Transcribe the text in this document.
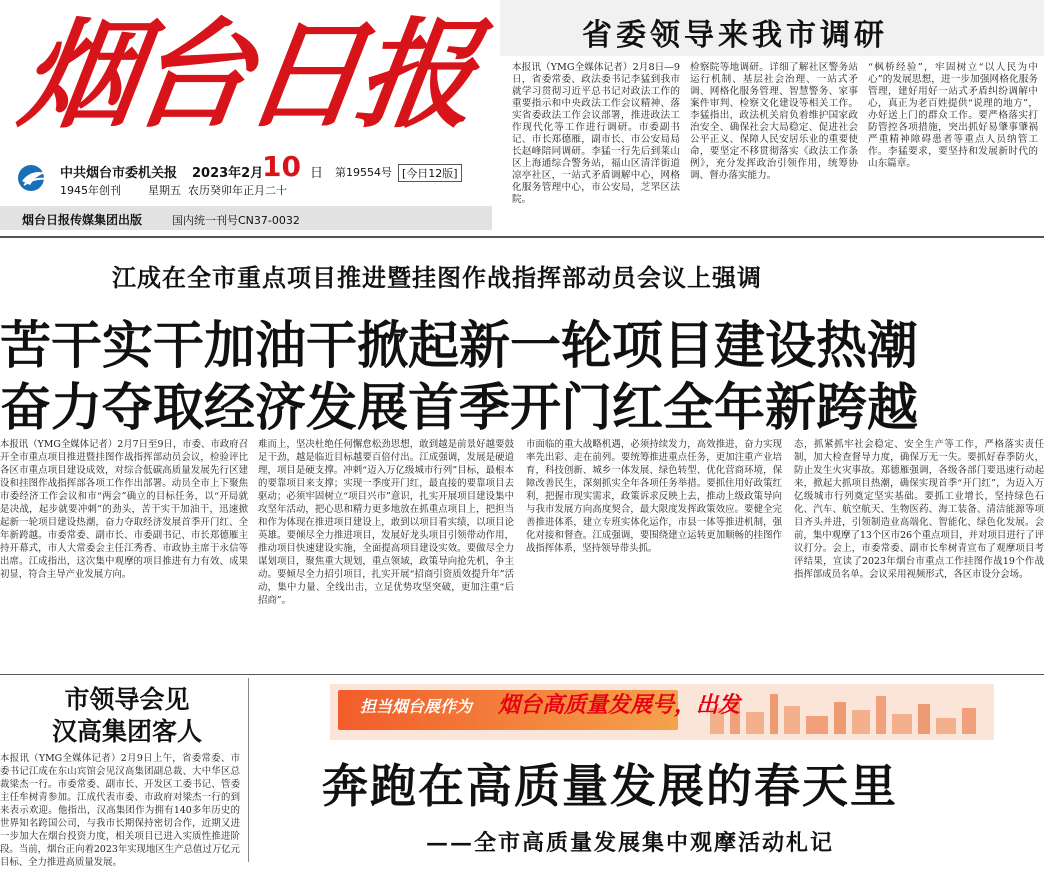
烟台日报
中共烟台市委机关报 2023年2月
10 日 第19554号 [今日12版]
1945年创刊 星期五 农历癸卯年正月二十
烟台日报传媒集团出版	国内统一刊号CN37-0032
省委领导来我市调研
本报讯（YMG全媒体记者）2月8日—9日，省委常委、政法委书记李猛到我市就学习贯彻习近平总书记对政法工作的重要指示和中央政法工作会议精神、落实省委政法工作会议部署，推进政法工作现代化等工作进行调研。市委副书记、市长郑德雁，副市长、市公安局局长赵峰陪同调研。李猛一行先后到莱山区上海通综合警务站，福山区清洋街道凉亭社区，一站式矛盾调解中心，网格化服务管理中心，市公安局，芝罘区法院。
检察院等地调研。详细了解社区警务站运行机制、基层社会治理、一站式矛调、网格化服务管理、智慧警务、家事案件审判、检察文化建设等相关工作。李猛指出，政法机关肩负着维护国家政治安全、确保社会大局稳定、促进社会公平正义、保障人民安居乐业的重要使命，要坚定不移贯彻落实《政法工作条例》，充分发挥政治引领作用，统筹协调、督办落实能力。
“枫桥经验”，牢固树立“以人民为中心”的发展思想，进一步加强网格化服务管理，建好用好一站式矛盾纠纷调解中心，真正为老百姓提供“说理的地方”，办好送上门的群众工作。要严格落实打防管控各项措施，突出抓好易肇事肇祸严重精神障碍患者等重点人员纳管工作。李猛要求，要坚持和发展新时代的山东篇章。
江成在全市重点项目推进暨挂图作战指挥部动员会议上强调
苦干实干加油干掀起新一轮项目建设热潮
奋力夺取经济发展首季开门红全年新跨越
本报讯（YMG全媒体记者）2月7日至9日，市委、市政府召开全市重点项目推进暨挂图作战指挥部动员会议，检验评比各区市重点项目建设成效，对综合低碳高质量发展先行区建设和挂图作战指挥部各项工作作出部署。动员全市上下聚焦市委经济工作会议和市“两会”确立的目标任务，以“开局就是决战，起步就要冲刺”的劲头，苦干实干加油干，迅速掀起新一轮项目建设热潮，奋力夺取经济发展首季开门红、全年新跨越。市委常委、副市长、市委副书记、市长郑德雁主持开幕式，市人大常委会主任江秀香、市政协主席于永信等出席。江成指出，这次集中观摩的项目推进有力有效、成果初显，符合主导产业发展方向。
难而上，坚决杜绝任何懈怠松劲思想，敢到越是前景好越要鼓足干劲，越是临近目标越要百倍付出。江成强调，发展是硬道理，项目是硬支撑。冲刺“迈入万亿级城市行列”目标，最根本的要靠项目来支撑；实现一季度开门红，最直接的要靠项目去驱动；必须牢固树立“项目兴市”意识，扎实开展项目建设集中攻坚年活动，把心思和精力更多地放在抓重点项目上，把担当和作为体现在推进项目建设上，敢到以项目看实绩，以项目论英雄。要倾尽全力推进项目，发展好龙头项目引领带动作用，推动项目快速建设实施，全面提高项目建设实效。要做尽全力谋划项目，聚焦重大规划，重点领域，政策导向抢先机，争主动。要倾尽全力招引项目，扎实开展“招商引资质效提升年”活动，集中力量、全线出击，立足优势攻坚突破，更加注重“后招商”。
市面临的重大战略机遇，必须持续发力，高效推进，奋力实现率先出彩、走在前列。要统筹推进重点任务，更加注重产业培育，科技创新、城乡一体发展、绿色转型、优化营商环境，保障改善民生，深刻抓实全年各项任务举措。要抓住用好政策红利，把握市现实需求，政策诉求反映上去，推动上级政策导向与我市发展方向高度契合，最大限度发挥政策效应。要健全完善推进体系，建立专班实体化运作，市县一体等推进机制，强化对接和督查。江成强调，要围绕建立运转更加顺畅的挂图作战指挥体系，坚持领导带头抓。
态，抓紧抓牢社会稳定、安全生产等工作，严格落实责任制，加大检查督导力度，确保万无一失。要抓好春季防火，防止发生火灾事故。郑德雁强调，各级各部门要迅速行动起来，掀起大抓项目热潮，确保实现首季“开门红”，为迈入万亿级城市行列奠定坚实基础。要抓工业增长，坚持绿色石化、汽车、航空航天、生物医药、海工装备、清洁能源等项目齐头并进，引领制造业高端化、智能化、绿色化发展。会前，集中观摩了13个区市26个重点项目，并对项目进行了评议打分。会上，市委常委、副市长牟树青宣布了观摩项目考评结果，宣读了2023年烟台市重点工作挂图作战19个作战指挥部成员名单。会议采用视频形式，各区市设分会场。
市领导会见
汉高集团客人
本报讯（YMG全媒体记者）2月9日上午，省委常委、市委书记江成在东山宾馆会见汉高集团副总裁、大中华区总裁梁杰一行。市委常委、副市长、开发区工委书记、管委主任牟树青参加。江成代表市委、市政府对梁杰一行的到来表示欢迎。他指出，汉高集团作为拥有140多年历史的世界知名跨国公司，与我市长期保持密切合作，近期又进一步加大在烟台投资力度，相关项目已进入实质性推进阶段。当前，烟台正向着2023年实现地区生产总值过万亿元目标、全力推进高质量发展。
担当烟台展作为 烟台高质量发展号，出发
奔跑在高质量发展的春天里
——全市高质量发展集中观摩活动札记
